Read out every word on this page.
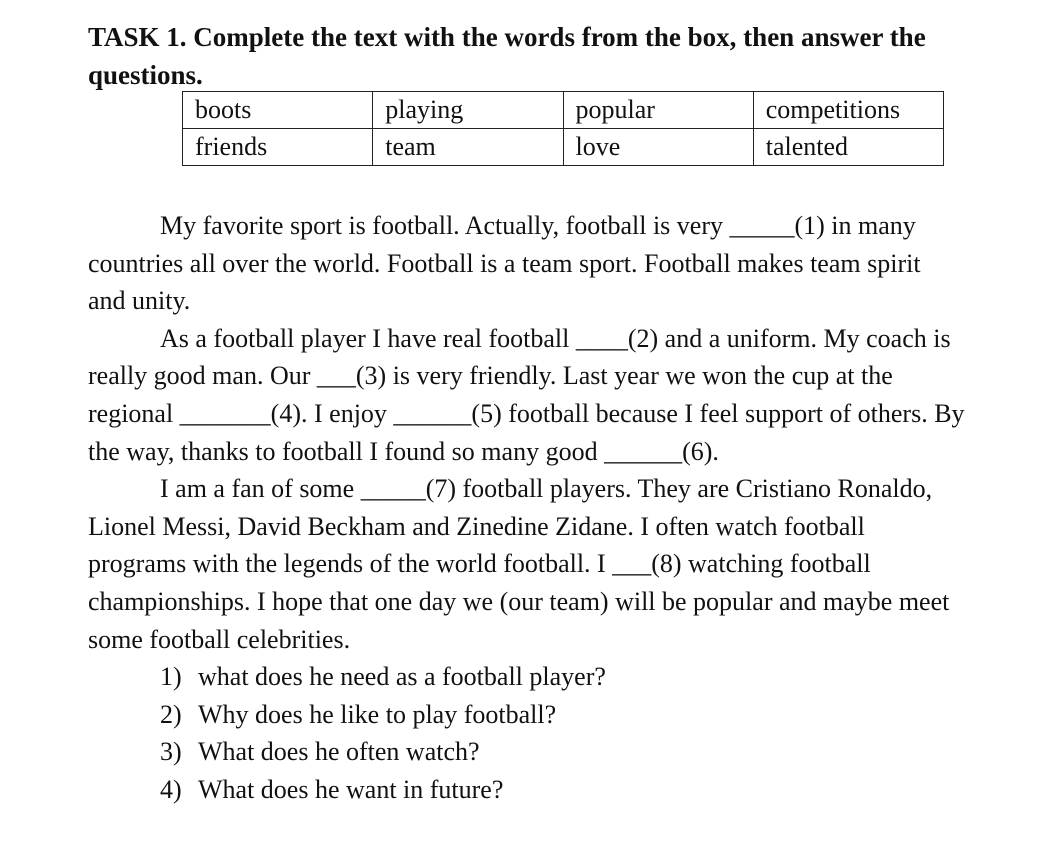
TASK 1. Complete the text with the words from the box, then answer the
questions.
boots	playing	popular	competitions
friends	team	love	talented

My favorite sport is football. Actually, football is very _____(1) in many
countries all over the world. Football is a team sport. Football makes team spirit
and unity.

As a football player I have real football ____(2) and a uniform. My coach is
really good man. Our ___(3) is very friendly. Last year we won the cup at the
regional _______(4). I enjoy ______(5) football because I feel support of others. By
the way, thanks to football I found so many good ______(6).

I am a fan of some _____(7) football players. They are Cristiano Ronaldo,
Lionel Messi, David Beckham and Zinedine Zidane. I often watch football
programs with the legends of the world football. I ___(8) watching football
championships. I hope that one day we (our team) will be popular and maybe meet
some football celebrities.

1) what does he need as a football player?
2) Why does he like to play football?
3) What does he often watch?
4) What does he want in future?
